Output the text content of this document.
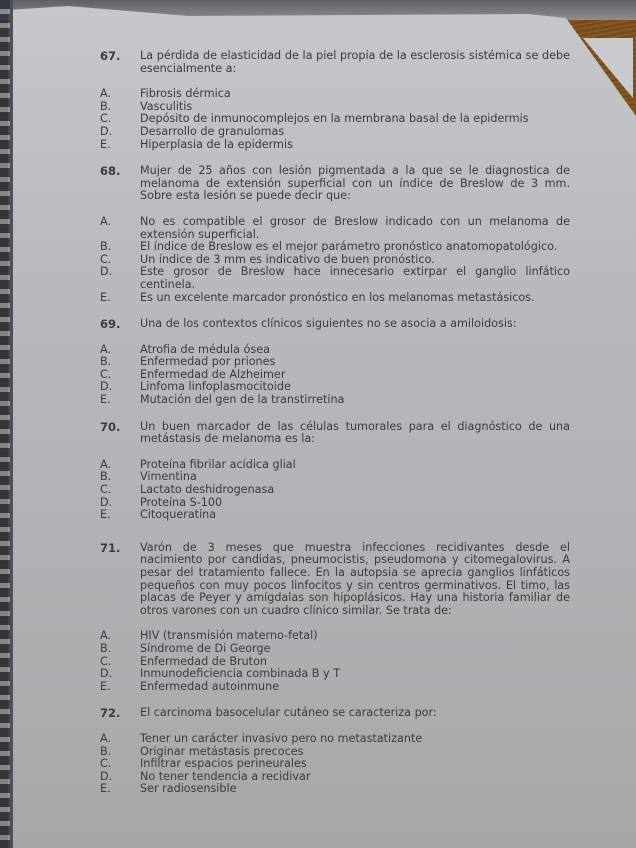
67.	La pérdida de elasticidad de la piel propia de la esclerosis sistémica se debe esencialmente a:
A.	Fibrosis dérmica
B.	Vasculitis
C.	Depósito de inmunocomplejos en la membrana basal de la epidermis
D.	Desarrollo de granulomas
E.	Hiperplasia de la epidermis
68.	Mujer de 25 años con lesión pigmentada a la que se le diagnostica de melanoma de extensión superficial con un índice de Breslow de 3 mm. Sobre esta lesión se puede decir que:
A.	No es compatible el grosor de Breslow indicado con un melanoma de extensión superficial.
B.	El índice de Breslow es el mejor parámetro pronóstico anatomopatológico.
C.	Un índice de 3 mm es indicativo de buen pronóstico.
D.	Este grosor de Breslow hace innecesario extirpar el ganglio linfático centinela.
E.	Es un excelente marcador pronóstico en los melanomas metastásicos.
69.	Una de los contextos clínicos siguientes no se asocia a amiloidosis:
A.	Atrofia de médula ósea
B.	Enfermedad por priones
C.	Enfermedad de Alzheimer
D.	Linfoma linfoplasmocitoide
E.	Mutación del gen de la transtirretina
70.	Un buen marcador de las células tumorales para el diagnóstico de una metástasis de melanoma es la:
A.	Proteína fibrilar acídica glial
B.	Vimentina
C.	Lactato deshidrogenasa
D.	Proteína S-100
E.	Citoqueratina
71.	Varón de 3 meses que muestra infecciones recidivantes desde el nacimiento por candidas, pneumocistis, pseudomona y citomegalovirus. A pesar del tratamiento fallece. En la autopsia se aprecia ganglios linfáticos pequeños con muy pocos linfocitos y sin centros germinativos. El timo, las placas de Peyer y amígdalas son hipoplásicos. Hay una historia familiar de otros varones con un cuadro clínico similar. Se trata de:
A.	HIV (transmisión materno-fetal)
B.	Síndrome de Di George
C.	Enfermedad de Bruton
D.	Inmunodeficiencia combinada B y T
E.	Enfermedad autoinmune
72.	El carcinoma basocelular cutáneo se caracteriza por:
A.	Tener un carácter invasivo pero no metastatizante
B.	Originar metástasis precoces
C.	Infiltrar espacios perineurales
D.	No tener tendencia a recidivar
E.	Ser radiosensible
